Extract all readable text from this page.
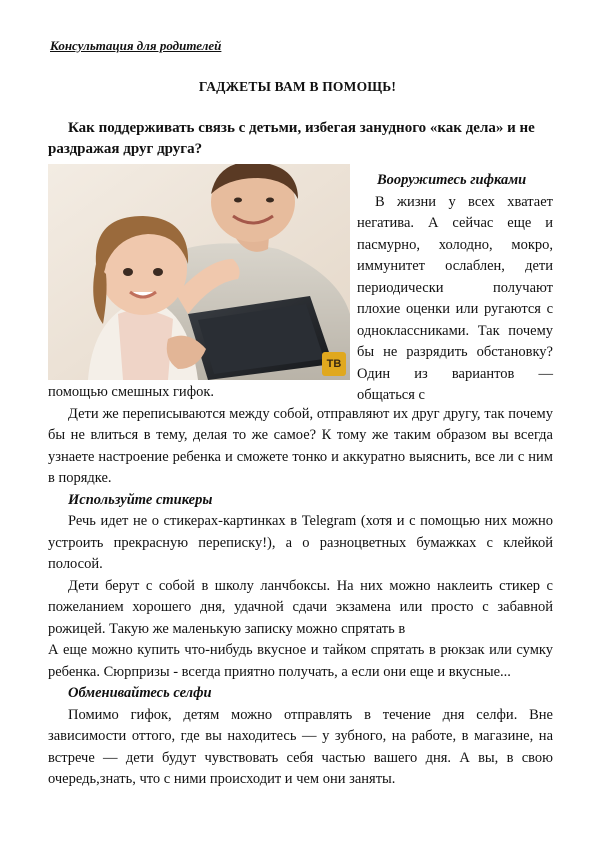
Консультация для родителей
ГАДЖЕТЫ ВАМ В ПОМОЩЬ!
Как поддерживать связь с детьми, избегая занудного «как дела» и не раздражая друг друга?
ТВ
Вооружитесь гифками

В жизни у всех хватает негатива. А сейчас еще и пасмурно, холодно, мокро, иммунитет ослаблен, дети периодически получают плохие оценки или ругаются с одноклассниками. Так почему бы не разрядить обстановку? Один из вариантов — общаться с

помощью смешных гифок.

Дети же переписываются между собой, отправляют их друг другу, так почему бы не влиться в тему, делая то же самое? К тому же таким образом вы всегда узнаете настроение ребенка и сможете тонко и аккуратно выяснить, все ли с ним в порядке.

Используйте стикеры

Речь идет не о стикерах-картинках в Telegram (хотя и с помощью них можно устроить прекрасную переписку!), а о разноцветных бумажках с клейкой полосой.

Дети берут с собой в школу ланчбоксы. На них можно наклеить стикер с пожеланием хорошего дня, удачной сдачи экзамена или просто с забавной рожицей. Такую же маленькую записку можно спрятать в

А еще можно купить что-нибудь вкусное и тайком спрятать в рюкзак или сумку ребенка. Сюрпризы - всегда приятно получать, а если они еще и вкусные...

Обменивайтесь селфи

Помимо гифок, детям можно отправлять в течение дня селфи. Вне зависимости оттого, где вы находитесь — у зубного, на работе, в магазине, на встрече — дети будут чувствовать себя частью вашего дня. А вы, в свою очередь,знать, что с ними происходит и чем они заняты.
